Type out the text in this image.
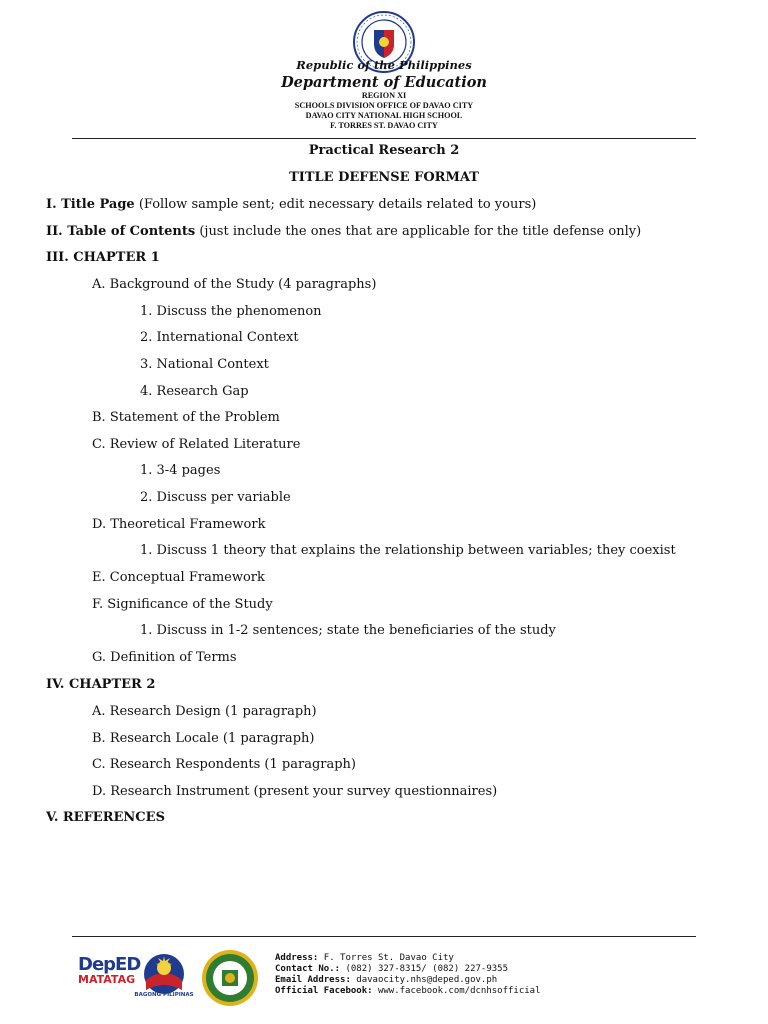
Republic of the Philippines
Department of Education
REGION XI
SCHOOLS DIVISION OFFICE OF DAVAO CITY
DAVAO CITY NATIONAL HIGH SCHOOL
F. TORRES ST. DAVAO CITY
Practical Research 2
TITLE DEFENSE FORMAT
I. Title Page (Follow sample sent; edit necessary details related to yours)
II. Table of Contents (just include the ones that are applicable for the title defense only)
III. CHAPTER 1
A. Background of the Study (4 paragraphs)
1. Discuss the phenomenon
2. International Context
3. National Context
4. Research Gap
B. Statement of the Problem
C. Review of Related Literature
1. 3-4 pages
2. Discuss per variable
D. Theoretical Framework
1. Discuss 1 theory that explains the relationship between variables; they coexist
E. Conceptual Framework
F. Significance of the Study
1. Discuss in 1-2 sentences; state the beneficiaries of the study
G. Definition of Terms
IV. CHAPTER 2
A. Research Design (1 paragraph)
B. Research Locale (1 paragraph)
C. Research Respondents (1 paragraph)
D. Research Instrument (present your survey questionnaires)
V. REFERENCES
DepED
MATATAG
BAGONG PILIPINAS
Address: F. Torres St. Davao City
Contact No.: (082) 327-8315/ (082) 227-9355
Email Address: davaocity.nhs@deped.gov.ph
Official Facebook: www.facebook.com/dcnhsofficial
